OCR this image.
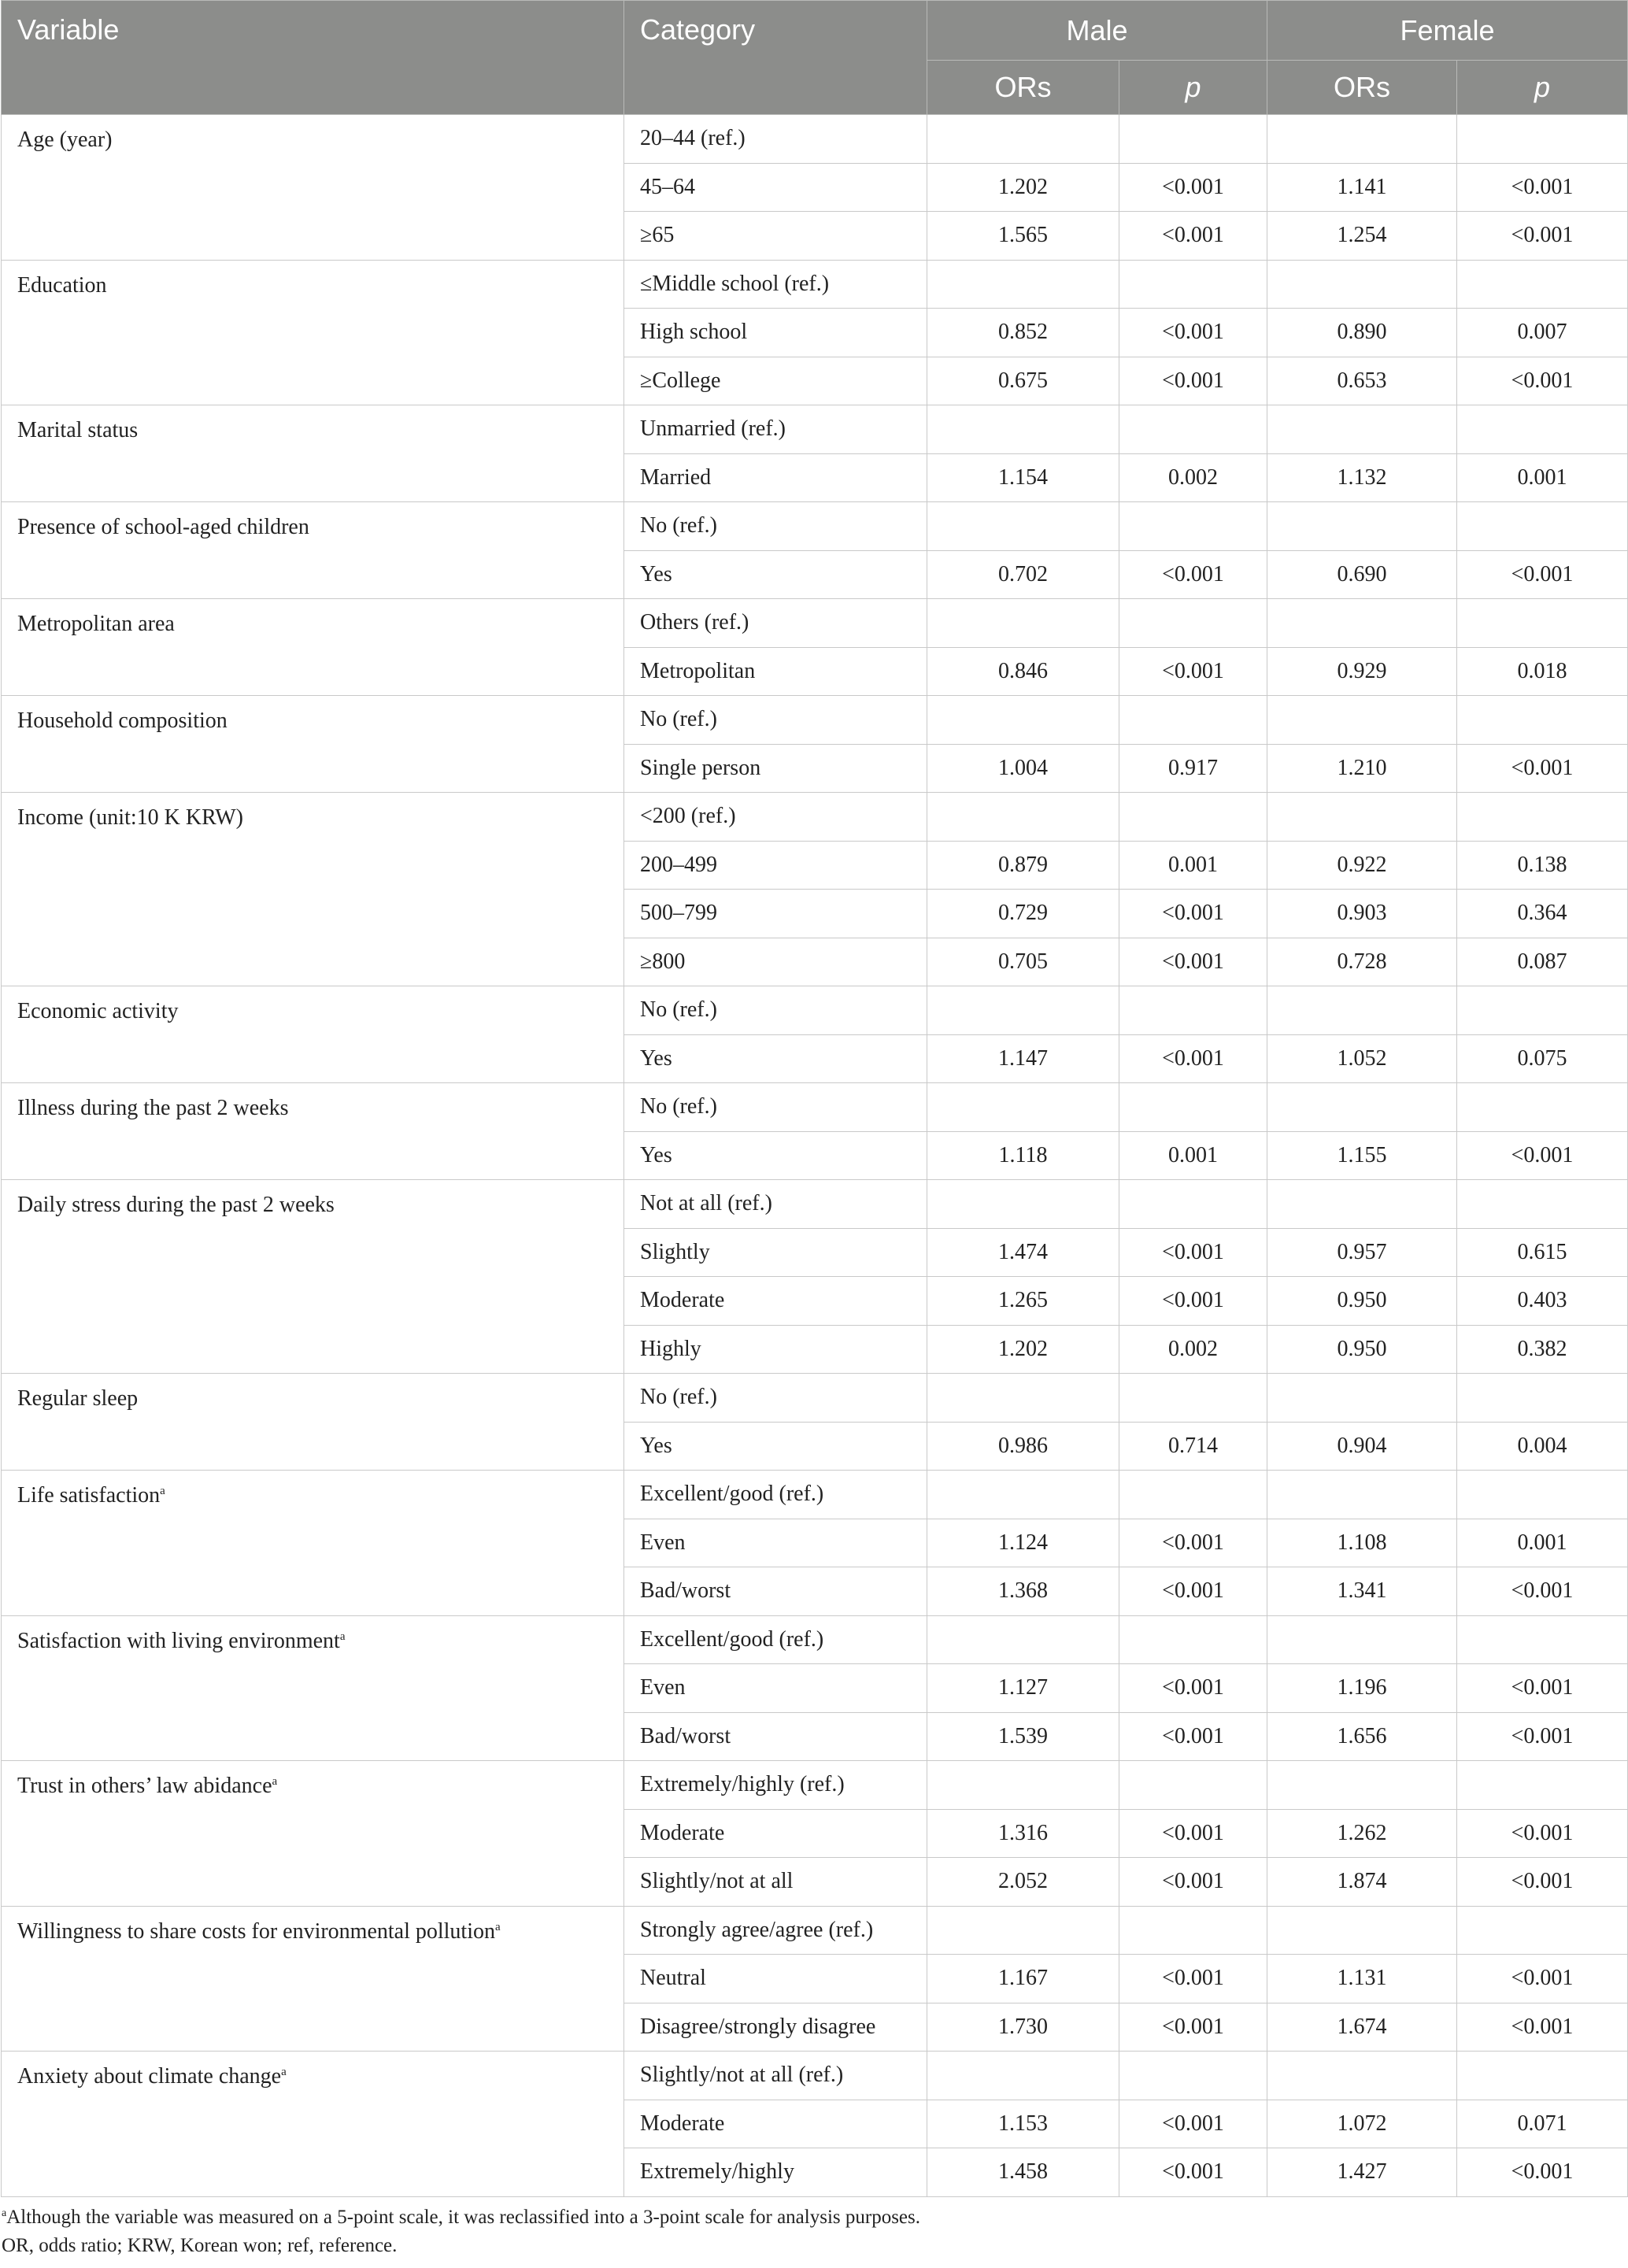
Variable	Category	Male		Female	
		ORs	p	ORs	p
Age (year)	20–44 (ref.)				
	45–64	1.202	<0.001	1.141	<0.001
	≥65	1.565	<0.001	1.254	<0.001
Education	≤Middle school (ref.)				
	High school	0.852	<0.001	0.890	0.007
	≥College	0.675	<0.001	0.653	<0.001
Marital status	Unmarried (ref.)				
	Married	1.154	0.002	1.132	0.001
Presence of school-aged children	No (ref.)				
	Yes	0.702	<0.001	0.690	<0.001
Metropolitan area	Others (ref.)				
	Metropolitan	0.846	<0.001	0.929	0.018
Household composition	No (ref.)				
	Single person	1.004	0.917	1.210	<0.001
Income (unit:10 K KRW)	<200 (ref.)				
	200–499	0.879	0.001	0.922	0.138
	500–799	0.729	<0.001	0.903	0.364
	≥800	0.705	<0.001	0.728	0.087
Economic activity	No (ref.)				
	Yes	1.147	<0.001	1.052	0.075
Illness during the past 2 weeks	No (ref.)				
	Yes	1.118	0.001	1.155	<0.001
Daily stress during the past 2 weeks	Not at all (ref.)				
	Slightly	1.474	<0.001	0.957	0.615
	Moderate	1.265	<0.001	0.950	0.403
	Highly	1.202	0.002	0.950	0.382
Regular sleep	No (ref.)				
	Yes	0.986	0.714	0.904	0.004
Life satisfaction$^a$	Excellent/good (ref.)				
	Even	1.124	<0.001	1.108	0.001
	Bad/worst	1.368	<0.001	1.341	<0.001
Satisfaction with living environment$^a$	Excellent/good (ref.)				
	Even	1.127	<0.001	1.196	<0.001
	Bad/worst	1.539	<0.001	1.656	<0.001
Trust in others’ law abidance$^a$	Extremely/highly (ref.)				
	Moderate	1.316	<0.001	1.262	<0.001
	Slightly/not at all	2.052	<0.001	1.874	<0.001
Willingness to share costs for environmental pollution$^a$	Strongly agree/agree (ref.)				
	Neutral	1.167	<0.001	1.131	<0.001
	Disagree/strongly disagree	1.730	<0.001	1.674	<0.001
Anxiety about climate change$^a$	Slightly/not at all (ref.)				
	Moderate	1.153	<0.001	1.072	0.071
	Extremely/highly	1.458	<0.001	1.427	<0.001
$^a$Although the variable was measured on a 5-point scale, it was reclassified into a 3-point scale for analysis purposes.
OR, odds ratio; KRW, Korean won; ref, reference.
